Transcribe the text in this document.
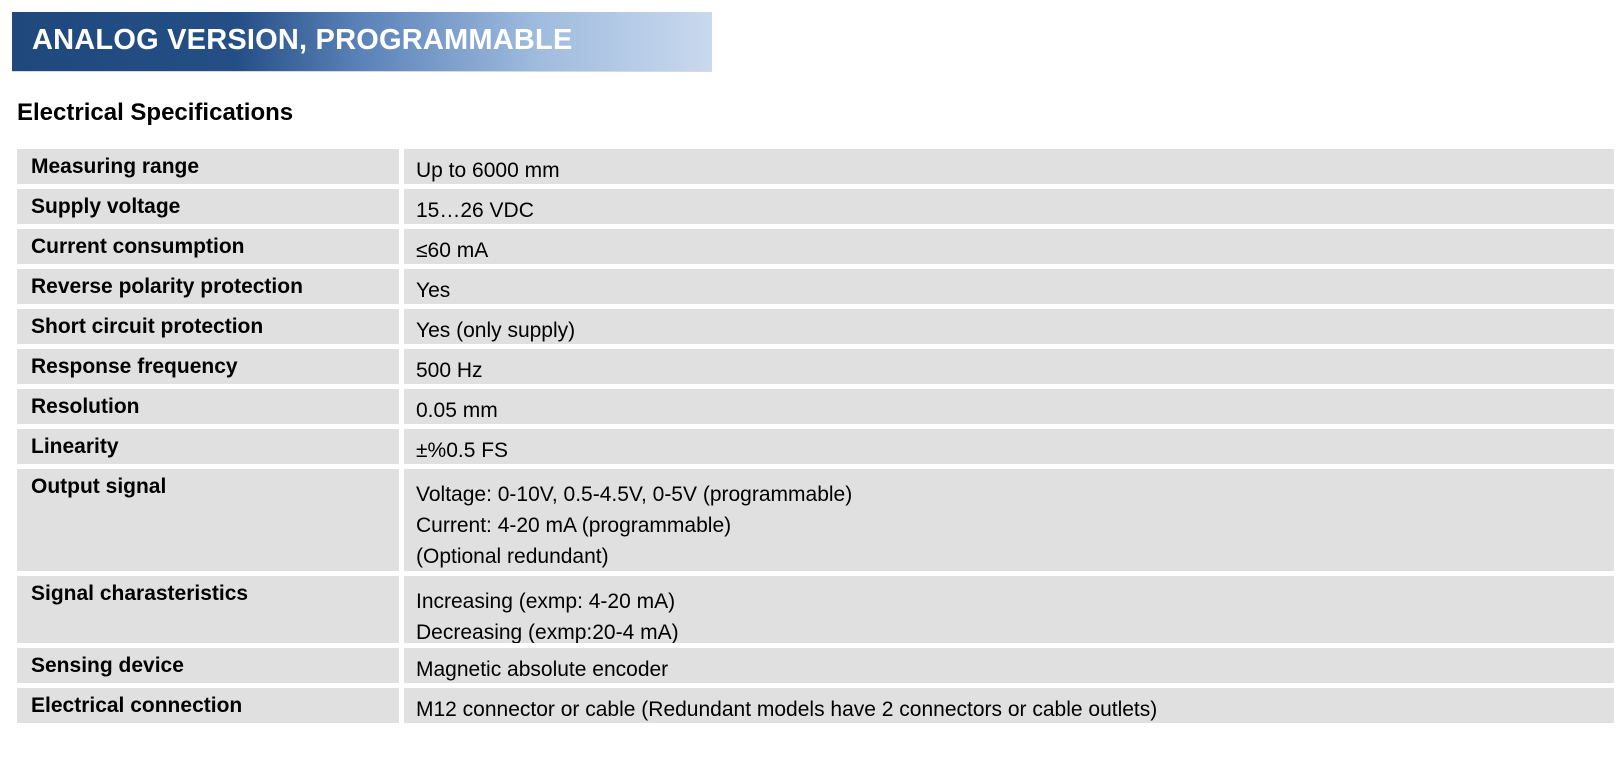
ANALOG VERSION, PROGRAMMABLE
Electrical Specifications
Measuring range	Up to 6000 mm
Supply voltage	15…26 VDC
Current consumption	≤60 mA
Reverse polarity protection	Yes
Short circuit protection	Yes (only supply)
Response frequency	500 Hz
Resolution	0.05 mm
Linearity	±%0.5 FS
Output signal	Voltage: 0-10V, 0.5-4.5V, 0-5V (programmable)
Current: 4-20 mA (programmable)
(Optional redundant)
Signal charasteristics	Increasing (exmp: 4-20 mA)
Decreasing (exmp:20-4 mA)
Sensing device	Magnetic absolute encoder
Electrical connection	M12 connector or cable (Redundant models have 2 connectors or cable outlets)
